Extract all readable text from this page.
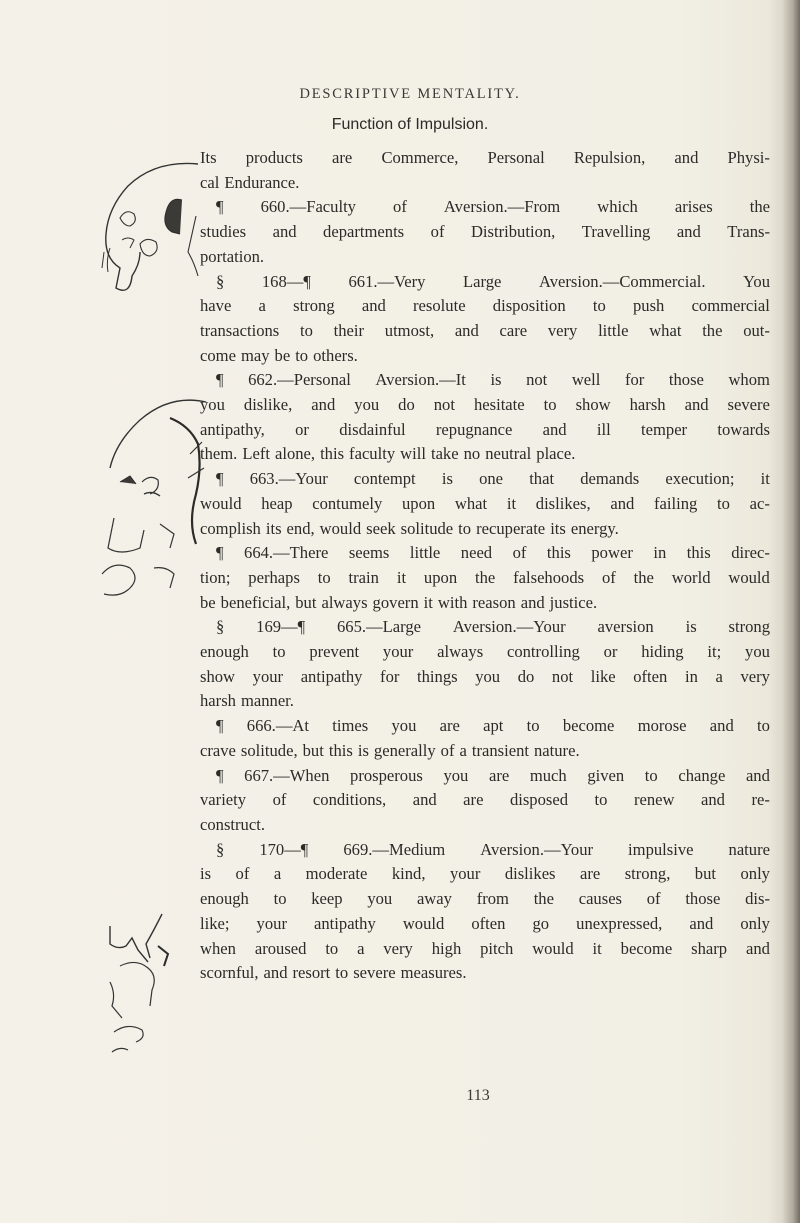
DESCRIPTIVE MENTALITY.
Function of Impulsion.
Its products are Commerce, Personal Repulsion, and Physi-
cal Endurance.
¶ 660.—Faculty of Aversion.—From which arises the
studies and departments of Distribution, Travelling and Trans-
portation.
§ 168—¶ 661.—Very Large Aversion.—Commercial. You
have a strong and resolute disposition to push commercial
transactions to their utmost, and care very little what the out-
come may be to others.
¶ 662.—Personal Aversion.—It is not well for those whom
you dislike, and you do not hesitate to show harsh and severe
antipathy, or disdainful repugnance and ill temper towards
them. Left alone, this faculty will take no neutral place.
¶ 663.—Your contempt is one that demands execution; it
would heap contumely upon what it dislikes, and failing to ac-
complish its end, would seek solitude to recuperate its energy.
¶ 664.—There seems little need of this power in this direc-
tion; perhaps to train it upon the falsehoods of the world would
be beneficial, but always govern it with reason and justice.
§ 169—¶ 665.—Large Aversion.—Your aversion is strong
enough to prevent your always controlling or hiding it; you
show your antipathy for things you do not like often in a very
harsh manner.
¶ 666.—At times you are apt to become morose and to
crave solitude, but this is generally of a transient nature.
¶ 667.—When prosperous you are much given to change and
variety of conditions, and are disposed to renew and re-
construct.
§ 170—¶ 669.—Medium Aversion.—Your impulsive nature
is of a moderate kind, your dislikes are strong, but only
enough to keep you away from the causes of those dis-
like; your antipathy would often go unexpressed, and only
when aroused to a very high pitch would it become sharp and
scornful, and resort to severe measures.
113
